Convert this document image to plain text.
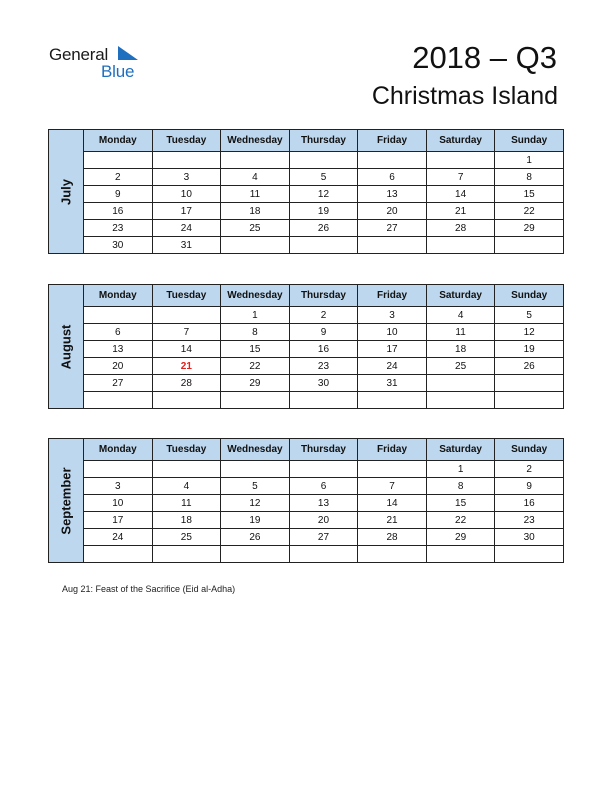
General
Blue	2018 – Q3
Christmas Island
July	Monday	Tuesday	Wednesday	Thursday	Friday	Saturday	Sunday
							1
	2	3	4	5	6	7	8
	9	10	11	12	13	14	15
	16	17	18	19	20	21	22
	23	24	25	26	27	28	29
	30	31					
August	Monday	Tuesday	Wednesday	Thursday	Friday	Saturday	Sunday
			1	2	3	4	5
	6	7	8	9	10	11	12
	13	14	15	16	17	18	19
	20	21	22	23	24	25	26
	27	28	29	30	31		

September	Monday	Tuesday	Wednesday	Thursday	Friday	Saturday	Sunday
						1	2
	3	4	5	6	7	8	9
	10	11	12	13	14	15	16
	17	18	19	20	21	22	23
	24	25	26	27	28	29	30

Aug 21: Feast of the Sacrifice (Eid al-Adha)
